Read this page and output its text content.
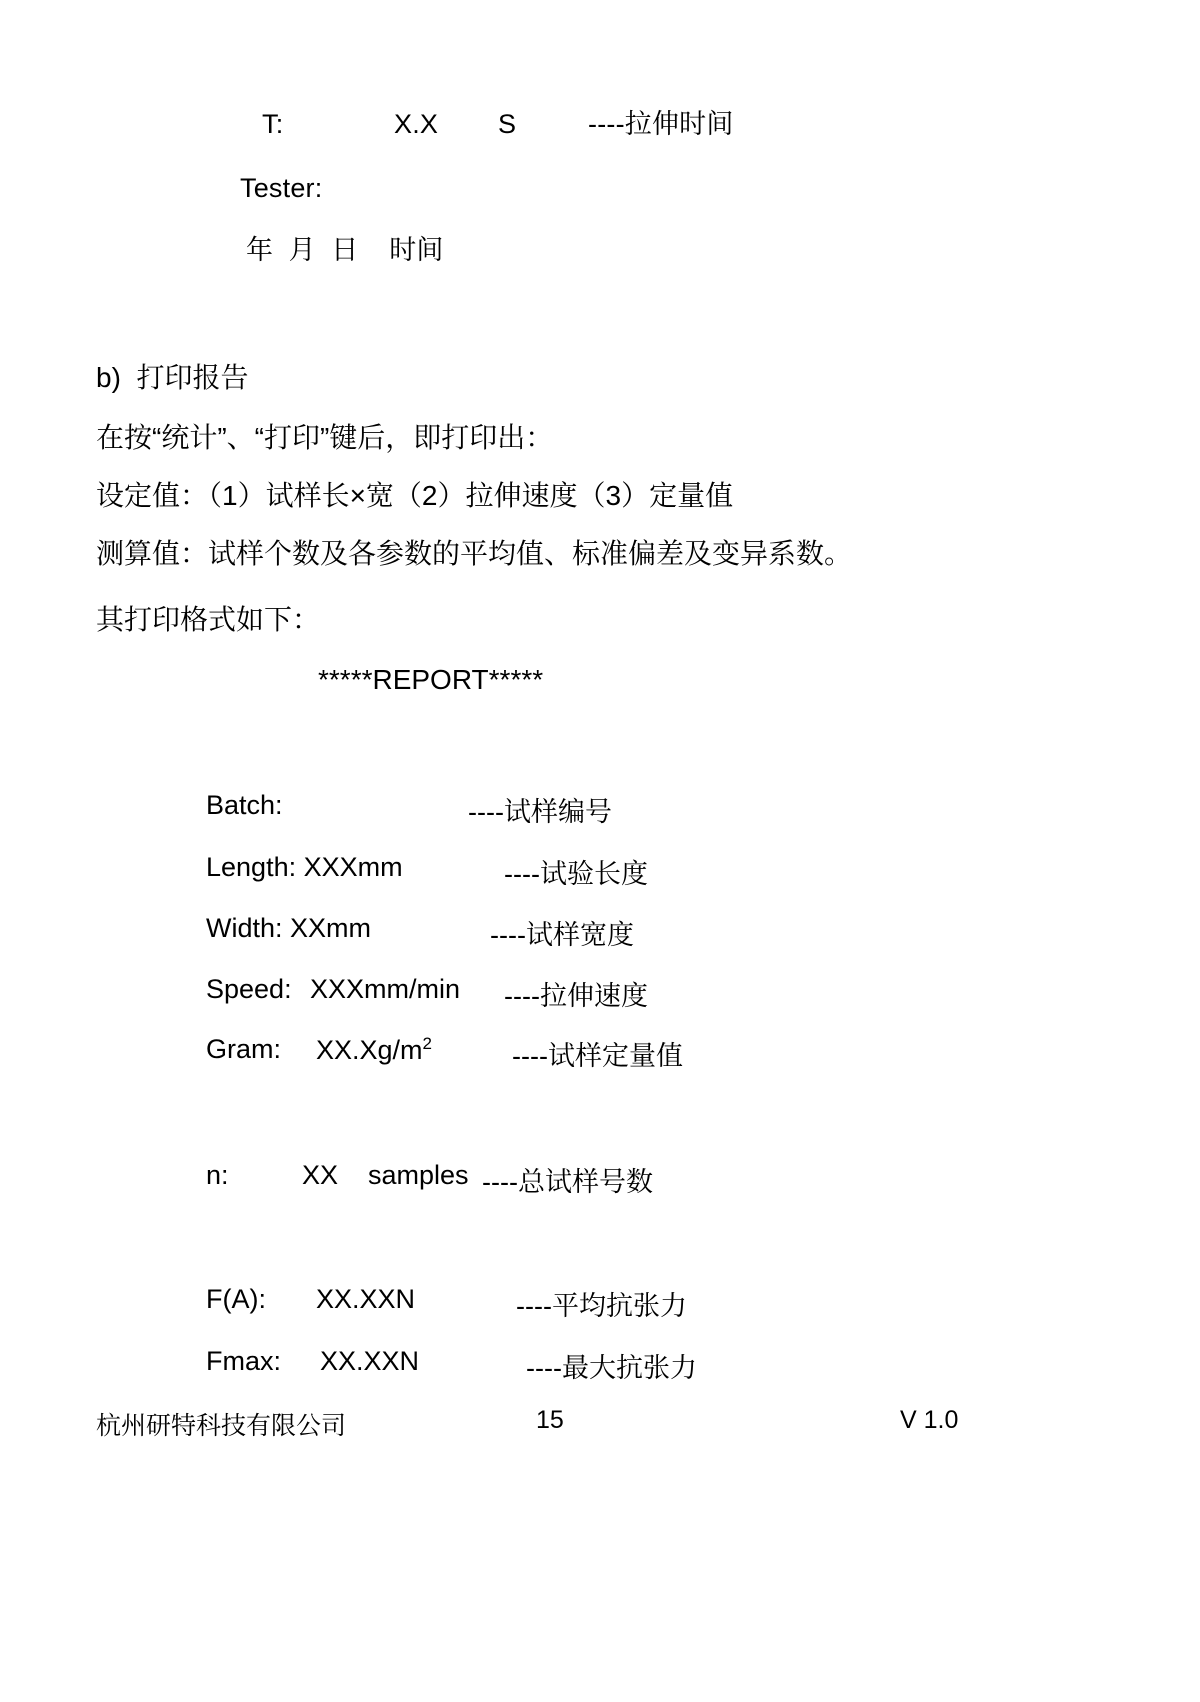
T:	X.X S	----拉伸时间
Tester:
年  月  日    时间
b)  打印报告
在按“统计”、“打印”键后，即打印出：
设定值：（1）试样长×宽（2）拉伸速度（3）定量值
测算值：试样个数及各参数的平均值、标准偏差及变异系数。
其打印格式如下：
*****REPORT*****
Batch:	----试样编号
Length: XXXmm	----试验长度
Width: XXmm	----试样宽度
Speed: XXXmm/min ----拉伸速度
Gram: $XX.Xg/m^2$	----试样定量值
n:	XX    samples ----总试样号数
F(A): XX.XXN	----平均抗张力
Fmax: XX.XXN	----最大抗张力
杭州研特科技有限公司	15	V 1.0
